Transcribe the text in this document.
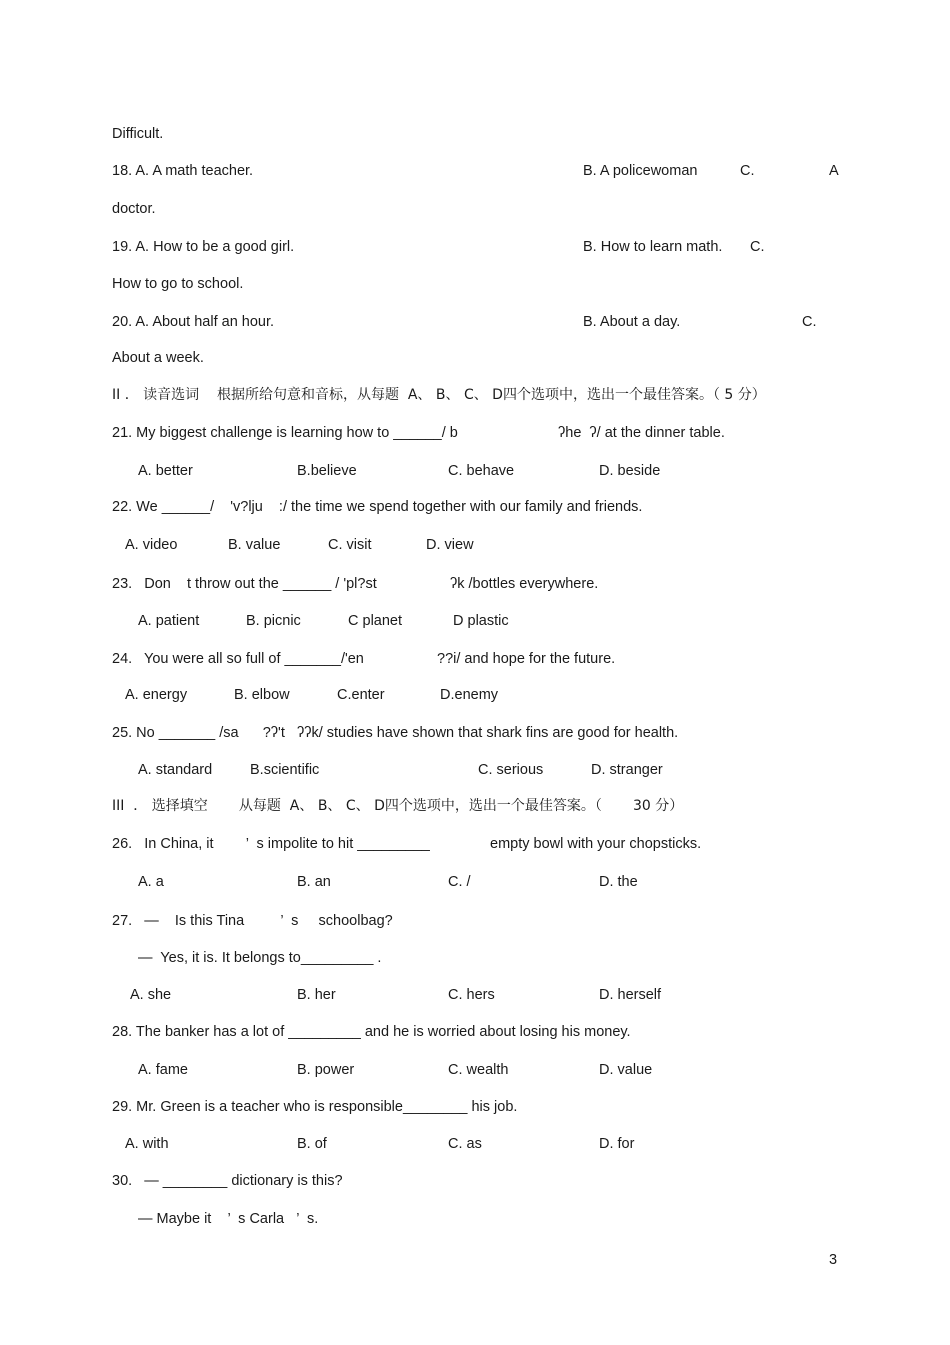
Difficult.
18. A. A math teacher.	B. A policewoman	C.	A
doctor.
19. A. How to be a good girl.	B. How to learn math. C.
How to go to school.
20. A. About half an hour.	B. About a day.	C.
About a week.
II ． 读音选词    根据所给句意和音标，从每题  A、 B、 C、 D四个选项中，选出一个最佳答案。（ 5 分）
21. My biggest challenge is learning how to ______/ b	ʔhe  ʔ/ at the dinner table.
A. better	B.believe	C. behave	D. beside
22. We ______/    'v?lju    :/ the time we spend together with our family and friends.
A. video	B. value	C. visit	D. view
23.   Don    t throw out the ______ / 'pl?st	ʔk /bottles everywhere.
A. patient	B. picnic	C planet	D plastic
24.   You were all so full of _______/'en	??i/ and hope for the future.
A. energy	B. elbow	C.enter	D.enemy
25. No _______ /sa      ?ʔ't   ʔʔk/ studies have shown that shark fins are good for health.
A. standard	B.scientific	C. serious	D. stranger
III  ． 选择填空       从每题  A、 B、 C、 D四个选项中，选出一个最佳答案。（       30 分）
26.   In China, it        ’  s impolite to hit _________	empty bowl with your chopsticks.
A. a	B. an	C. /	D. the
27.   —    Is this Tina         ’  s     schoolbag?
—  Yes, it is. It belongs to_________ .
A. she	B. her	C. hers	D. herself
28. The banker has a lot of _________ and he is worried about losing his money.
A. fame	B. power	C. wealth	D. value
29. Mr. Green is a teacher who is responsible________ his job.
A. with	B. of	C. as	D. for
30.   — ________ dictionary is this?
— Maybe it    ’  s Carla   ’  s.
3
